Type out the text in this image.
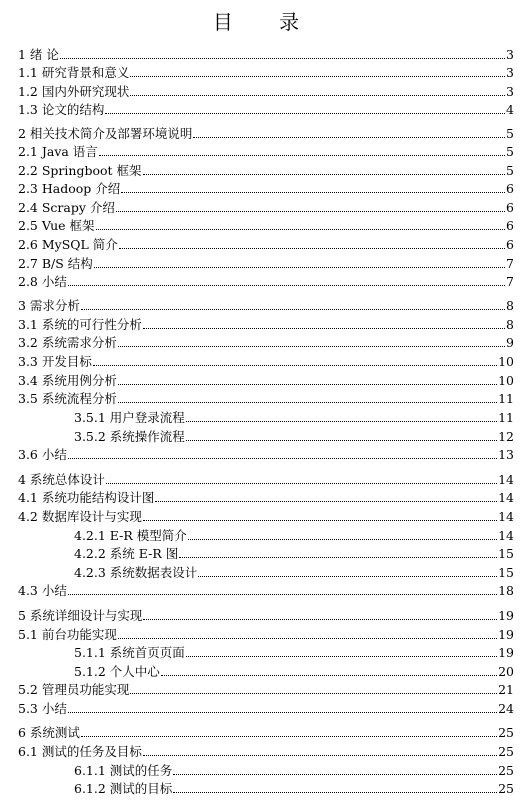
目 录
1 绪 论	3
1.1 研究背景和意义	3
1.2 国内外研究现状	3
1.3 论文的结构	4
2 相关技术简介及部署环境说明	5
2.1 Java 语言	5
2.2 Springboot 框架	5
2.3 Hadoop 介绍	6
2.4 Scrapy 介绍	6
2.5 Vue 框架	6
2.6 MySQL 简介	6
2.7 B/S 结构	7
2.8 小结	7
3 需求分析	8
3.1 系统的可行性分析	8
3.2 系统需求分析	9
3.3 开发目标	10
3.4 系统用例分析	10
3.5 系统流程分析	11
3.5.1 用户登录流程	11
3.5.2 系统操作流程	12
3.6 小结	13
4 系统总体设计	14
4.1 系统功能结构设计图	14
4.2 数据库设计与实现	14
4.2.1 E-R 模型简介	14
4.2.2 系统 E-R 图	15
4.2.3 系统数据表设计	15
4.3 小结	18
5 系统详细设计与实现	19
5.1 前台功能实现	19
5.1.1 系统首页页面	19
5.1.2 个人中心	20
5.2 管理员功能实现	21
5.3 小结	24
6 系统测试	25
6.1 测试的任务及目标	25
6.1.1 测试的任务	25
6.1.2 测试的目标	25
